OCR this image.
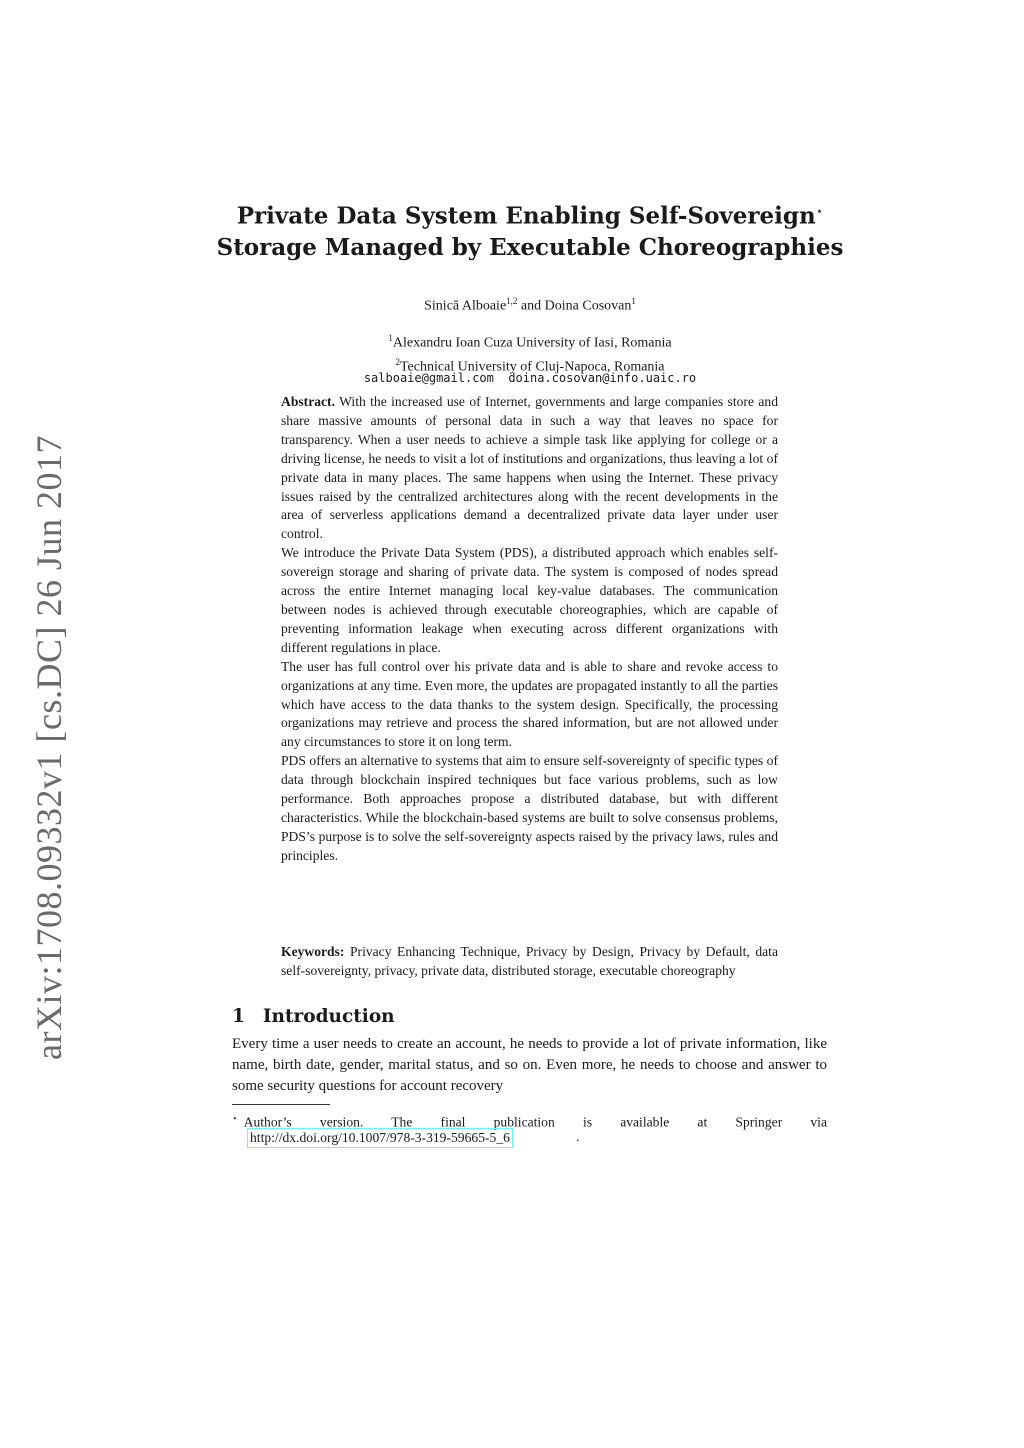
arXiv:1708.09332v1 [cs.DC] 26 Jun 2017
Private Data System Enabling Self-Sovereign⋆
Storage Managed by Executable Choreographies
Sinică Alboaie$^{1,2}$ and Doina Cosovan$^1$
$^1$Alexandru Ioan Cuza University of Iasi, Romania
$^2$Technical University of Cluj-Napoca, Romania
salboaie@gmail.com  doina.cosovan@info.uaic.ro

Abstract. With the increased use of Internet, governments and large companies store and share massive amounts of personal data in such a way that leaves no space for transparency. When a user needs to achieve a simple task like applying for college or a driving license, he needs to visit a lot of institutions and organizations, thus leaving a lot of private data in many places. The same happens when using the Internet. These privacy issues raised by the centralized architectures along with the recent developments in the area of serverless applications demand a decentralized private data layer under user control.

We introduce the Private Data System (PDS), a distributed approach which enables self-sovereign storage and sharing of private data. The system is composed of nodes spread across the entire Internet managing local key-value databases. The communication between nodes is achieved through executable choreographies, which are capable of preventing information leakage when executing across different organizations with different regulations in place.

The user has full control over his private data and is able to share and revoke access to organizations at any time. Even more, the updates are propagated instantly to all the parties which have access to the data thanks to the system design. Specifically, the processing organizations may retrieve and process the shared information, but are not allowed under any circumstances to store it on long term.

PDS offers an alternative to systems that aim to ensure self-sovereignty of specific types of data through blockchain inspired techniques but face various problems, such as low performance. Both approaches propose a distributed database, but with different characteristics. While the blockchain-based systems are built to solve consensus problems, PDS’s purpose is to solve the self-sovereignty aspects raised by the privacy laws, rules and principles.

Keywords: Privacy Enhancing Technique, Privacy by Design, Privacy by Default, data self-sovereignty, privacy, private data, distributed storage, executable choreography
1 Introduction
Every time a user needs to create an account, he needs to provide a lot of private information, like name, birth date, gender, marital status, and so on. Even more, he needs to choose and answer to some security questions for account recovery
⋆ Author’s version. The final publication is available at Springer via
http://dx.doi.org/10.1007/978-3-319-59665-5_6	.
